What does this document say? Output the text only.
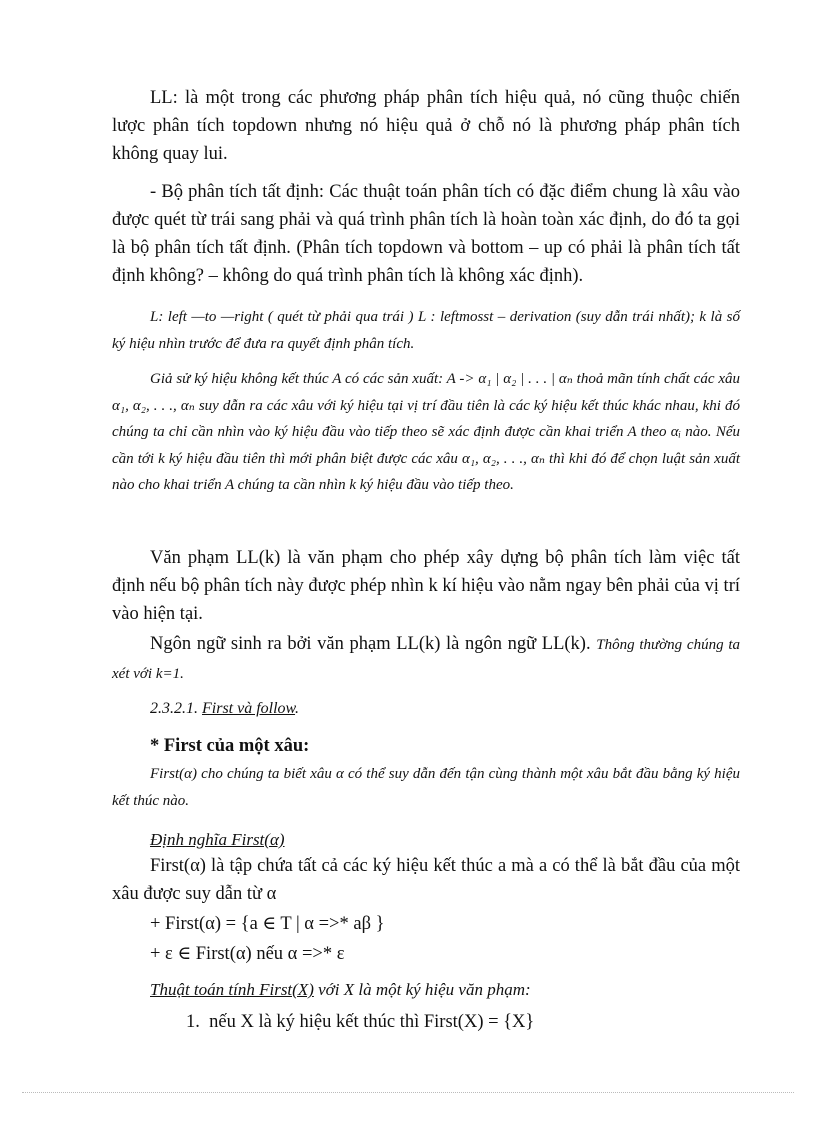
LL: là một trong các phương pháp phân tích hiệu quả, nó cũng thuộc chiến lược phân tích topdown nhưng nó hiệu quả ở chỗ nó là phương pháp phân tích không quay lui.

- Bộ phân tích tất định: Các thuật toán phân tích có đặc điểm chung là xâu vào được quét từ trái sang phải và quá trình phân tích là hoàn toàn xác định, do đó ta gọi là bộ phân tích tất định. (Phân tích topdown và bottom – up có phải là phân tích tất định không? – không do quá trình phân tích là không xác định).

L: left —to —right ( quét từ phải qua trái ) L : leftmosst – derivation (suy dẫn trái nhất); k là số ký hiệu nhìn trước để đưa ra quyết định phân tích.

Giả sử ký hiệu không kết thúc A có các sản xuất: A -> α₁ | α₂ | . . . | αₙ thoả mãn tính chất các xâu α₁, α₂, . . ., αₙ suy dẫn ra các xâu với ký hiệu tại vị trí đầu tiên là các ký hiệu kết thúc khác nhau, khi đó chúng ta chỉ cần nhìn vào ký hiệu đầu vào tiếp theo sẽ xác định được cần khai triển A theo αᵢ nào. Nếu cần tới k ký hiệu đầu tiên thì mới phân biệt được các xâu α₁, α₂, . . ., αₙ thì khi đó để chọn luật sản xuất nào cho khai triển A chúng ta cần nhìn k ký hiệu đầu vào tiếp theo.

Văn phạm LL(k) là văn phạm cho phép xây dựng bộ phân tích làm việc tất định nếu bộ phân tích này được phép nhìn k kí hiệu vào nằm ngay bên phải của vị trí vào hiện tại.

Ngôn ngữ sinh ra bởi văn phạm LL(k) là ngôn ngữ LL(k). Thông thường chúng ta xét với k=1.

2.3.2.1. First và follow.
* First của một xâu:

First(α) cho chúng ta biết xâu α có thể suy dẫn đến tận cùng thành một xâu bắt đầu bằng ký hiệu kết thúc nào.

Định nghĩa First(α)

First(α) là tập chứa tất cả các ký hiệu kết thúc a mà a có thể là bắt đầu của một xâu được suy dẫn từ α

+ First(α) = {a ∈ T | α =>* aβ }
+ ε ∈ First(α) nếu α =>* ε
Thuật toán tính First(X) với X là một ký hiệu văn phạm:
1. nếu X là ký hiệu kết thúc thì First(X) = {X}
